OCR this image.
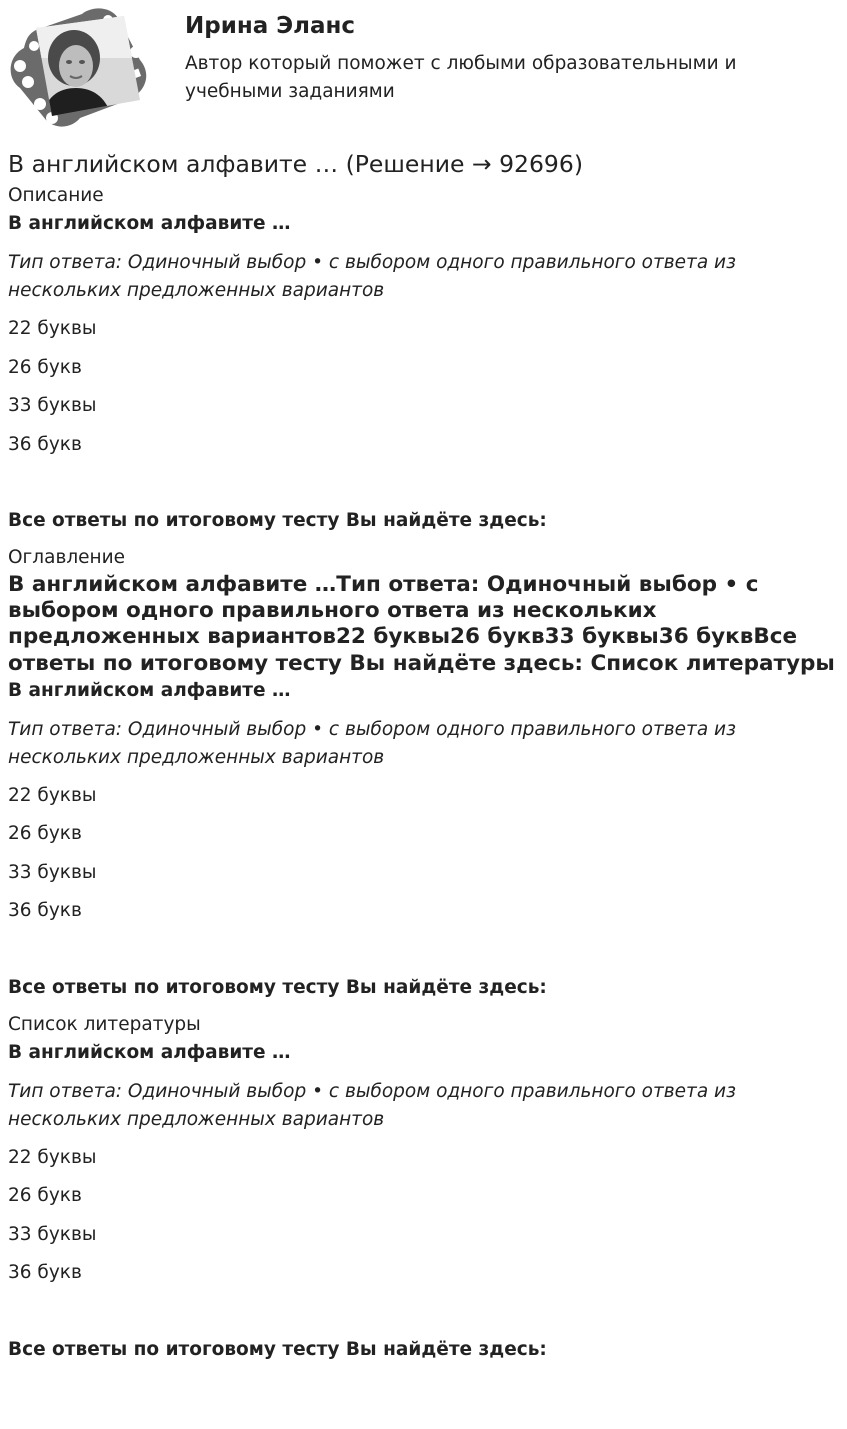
Ирина Эланс
Автор который поможет с любыми образовательными и учебными заданиями
В английском алфавите … (Решение → 92696)
Описание
В английском алфавите …
Тип ответа: Одиночный выбор • с выбором одного правильного ответа из нескольких предложенных вариантов
22 буквы
26 букв
33 буквы
36 букв
Все ответы по итоговому тесту Вы найдёте здесь:
Оглавление
В английском алфавите …Тип ответа: Одиночный выбор • с выбором одного правильного ответа из нескольких предложенных вариантов22 буквы26 букв33 буквы36 буквВсе ответы по итоговому тесту Вы найдёте здесь: Список литературы
В английском алфавите …
Тип ответа: Одиночный выбор • с выбором одного правильного ответа из нескольких предложенных вариантов
22 буквы
26 букв
33 буквы
36 букв
Все ответы по итоговому тесту Вы найдёте здесь:
Список литературы
В английском алфавите …
Тип ответа: Одиночный выбор • с выбором одного правильного ответа из нескольких предложенных вариантов
22 буквы
26 букв
33 буквы
36 букв
Все ответы по итоговому тесту Вы найдёте здесь:
